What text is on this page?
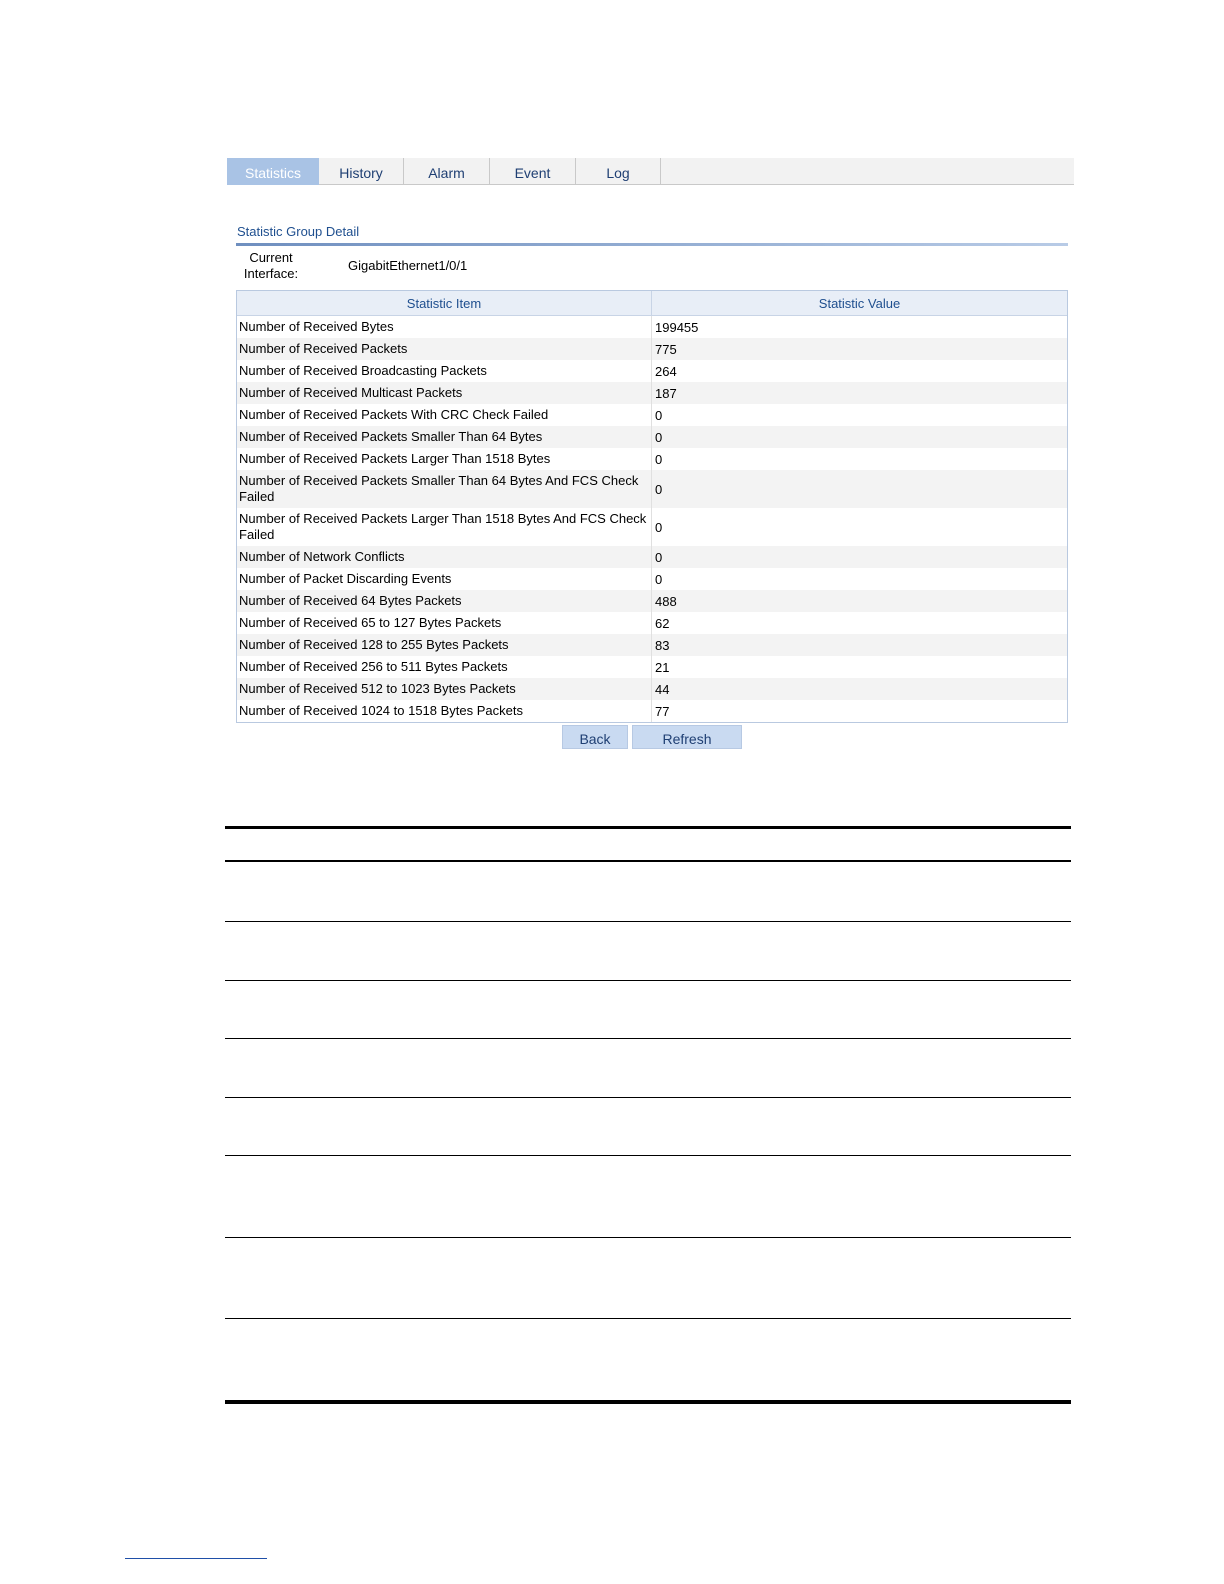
Statistics	History	Alarm	Event	Log
Statistic Group Detail
Current Interface:
GigabitEthernet1/0/1
Statistic Item	Statistic Value
Number of Received Bytes	199455
Number of Received Packets	775
Number of Received Broadcasting Packets	264
Number of Received Multicast Packets	187
Number of Received Packets With CRC Check Failed	0
Number of Received Packets Smaller Than 64 Bytes	0
Number of Received Packets Larger Than 1518 Bytes	0
Number of Received Packets Smaller Than 64 Bytes And FCS Check Failed	0
Number of Received Packets Larger Than 1518 Bytes And FCS Check Failed	0
Number of Network Conflicts	0
Number of Packet Discarding Events	0
Number of Received 64 Bytes Packets	488
Number of Received 65 to 127 Bytes Packets	62
Number of Received 128 to 255 Bytes Packets	83
Number of Received 256 to 511 Bytes Packets	21
Number of Received 512 to 1023 Bytes Packets	44
Number of Received 1024 to 1518 Bytes Packets	77
Back	Refresh
